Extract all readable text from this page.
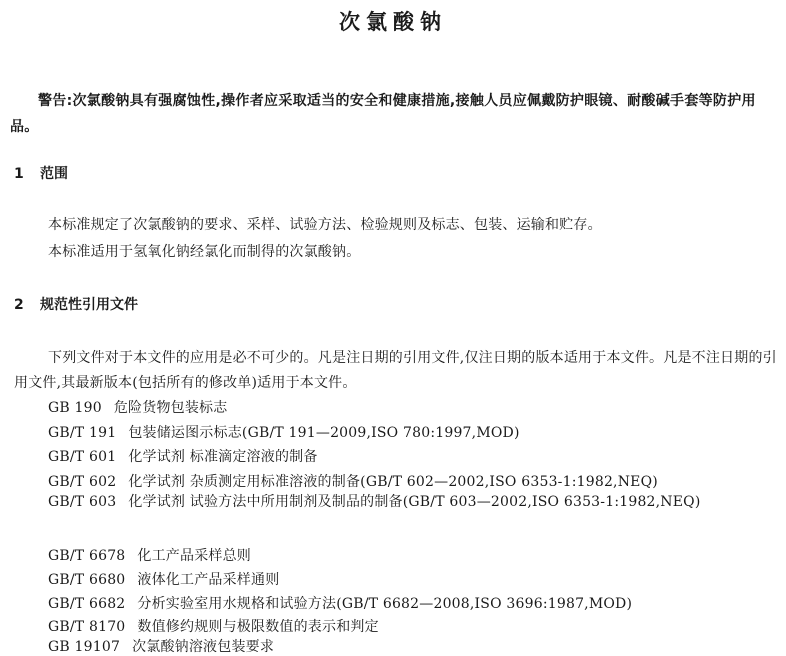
次氯酸钠
警告:次氯酸钠具有强腐蚀性,操作者应采取适当的安全和健康措施,接触人员应佩戴防护眼镜、耐酸碱手套等防护用品。
1 范围
本标准规定了次氯酸钠的要求、采样、试验方法、检验规则及标志、包装、运输和贮存。
本标准适用于氢氧化钠经氯化而制得的次氯酸钠。
2 规范性引用文件
下列文件对于本文件的应用是必不可少的。凡是注日期的引用文件,仅注日期的版本适用于本文件。凡是不注日期的引用文件,其最新版本(包括所有的修改单)适用于本文件。
GB 190 危险货物包装标志
GB/T 191 包装储运图示标志(GB/T 191—2009,ISO 780:1997,MOD)
GB/T 601 化学试剂 标准滴定溶液的制备
GB/T 602 化学试剂 杂质测定用标准溶液的制备(GB/T 602—2002,ISO 6353-1:1982,NEQ)
GB/T 603 化学试剂 试验方法中所用制剂及制品的制备(GB/T 603—2002,ISO 6353-1:1982,NEQ)
GB/T 6678 化工产品采样总则
GB/T 6680 液体化工产品采样通则
GB/T 6682 分析实验室用水规格和试验方法(GB/T 6682—2008,ISO 3696:1987,MOD)
GB/T 8170 数值修约规则与极限数值的表示和判定
GB 19107 次氯酸钠溶液包装要求
